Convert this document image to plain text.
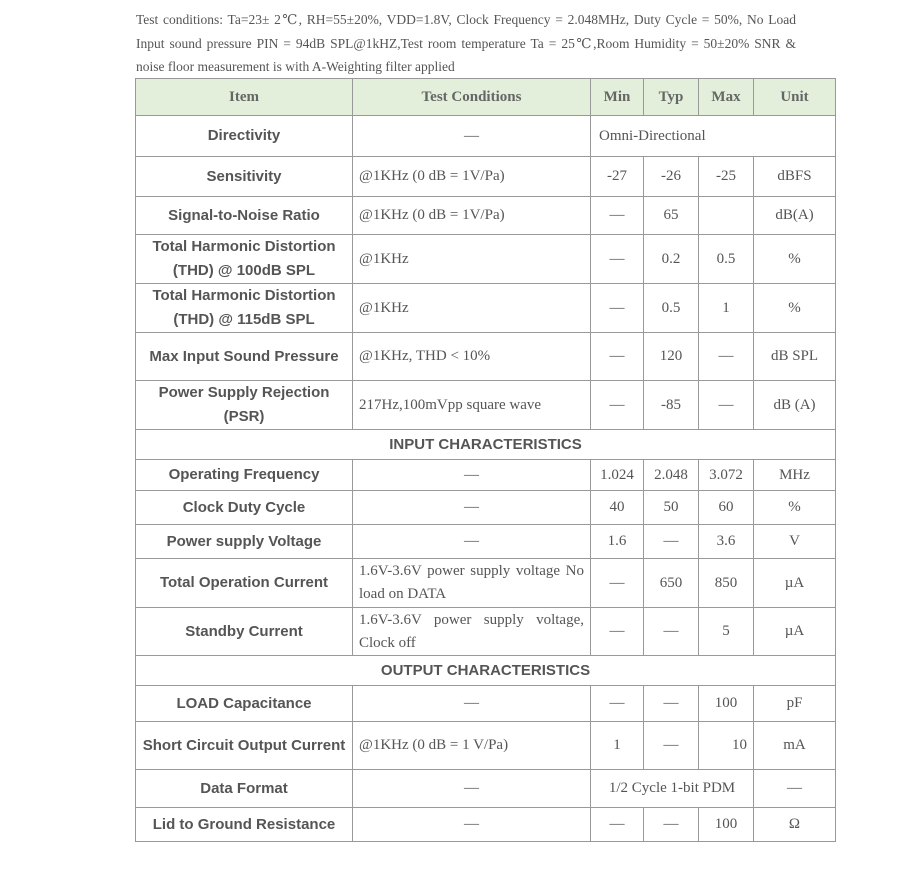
Test conditions: Ta=23± 2℃, RH=55±20%, VDD=1.8V, Clock Frequency = 2.048MHz, Duty Cycle = 50%, No Load Input sound pressure PIN = 94dB SPL@1kHZ,Test room temperature Ta = 25℃,Room Humidity = 50±20% SNR & noise floor measurement is with A-Weighting filter applied

Item	Test Conditions	Min	Typ	Max	Unit
Directivity	—	Omni-Directional			
Sensitivity	@1KHz (0 dB = 1V/Pa)	-27	-26	-25	dBFS
Signal-to-Noise Ratio	@1KHz (0 dB = 1V/Pa)	—	65		dB(A)
Total Harmonic Distortion (THD) @ 100dB SPL	@1KHz	—	0.2	0.5	%
Total Harmonic Distortion (THD) @ 115dB SPL	@1KHz	—	0.5	1	%
Max Input Sound Pressure	@1KHz, THD < 10%	—	120	—	dB SPL
Power Supply Rejection (PSR)	217Hz,100mVpp square wave	—	-85	—	dB (A)
INPUT CHARACTERISTICS					
Operating Frequency	—	1.024	2.048	3.072	MHz
Clock Duty Cycle	—	40	50	60	%
Power supply Voltage	—	1.6	—	3.6	V
Total Operation Current	1.6V-3.6V power supply voltage No load on DATA	—	650	850	µA
Standby Current	1.6V-3.6V power supply voltage, Clock off	—	—	5	µA
OUTPUT CHARACTERISTICS					
LOAD Capacitance	—	—	—	100	pF
Short Circuit Output Current	@1KHz (0 dB = 1 V/Pa)	1	—	10	mA
Data Format	—	1/2 Cycle 1-bit PDM			—
Lid to Ground Resistance	—	—	—	100	Ω
